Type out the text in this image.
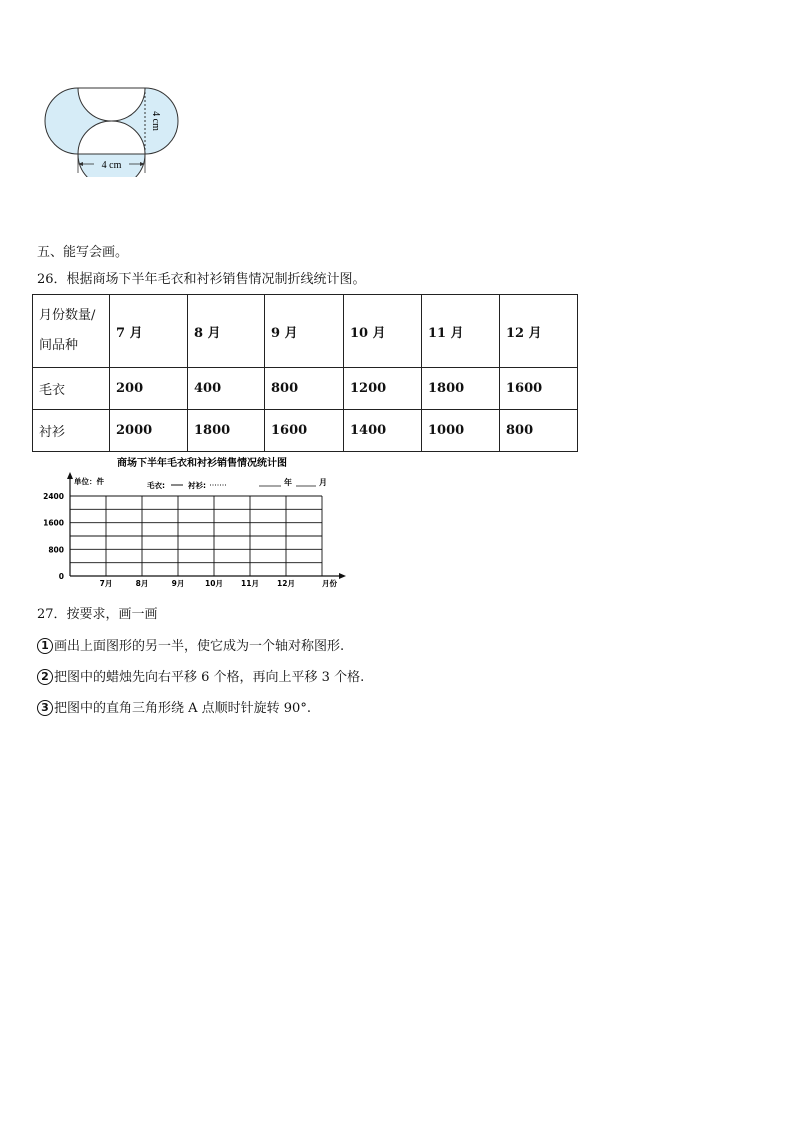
4 cm
4 cm
五、能写会画。
26．根据商场下半年毛衣和衬衫销售情况制折线统计图。
月份数量/
间品种	7 月	8 月	9 月	10 月	11 月	12 月
毛衣	200	400	800	1200	1800	1600
衬衫	2000	1800	1600	1400	1000	800
商场下半年毛衣和衬衫销售情况统计图
单位：件	毛衣:	衬衫:	年	月
2400
1600
800
0
7月	8月	9月	10月 11月 12月	月份
27．按要求，画一画
1 画出上面图形的另一半，使它成为一个轴对称图形.
2 把图中的蜡烛先向右平移 6 个格，再向上平移 3 个格.
3 把图中的直角三角形绕 A 点顺时针旋转 90°.
